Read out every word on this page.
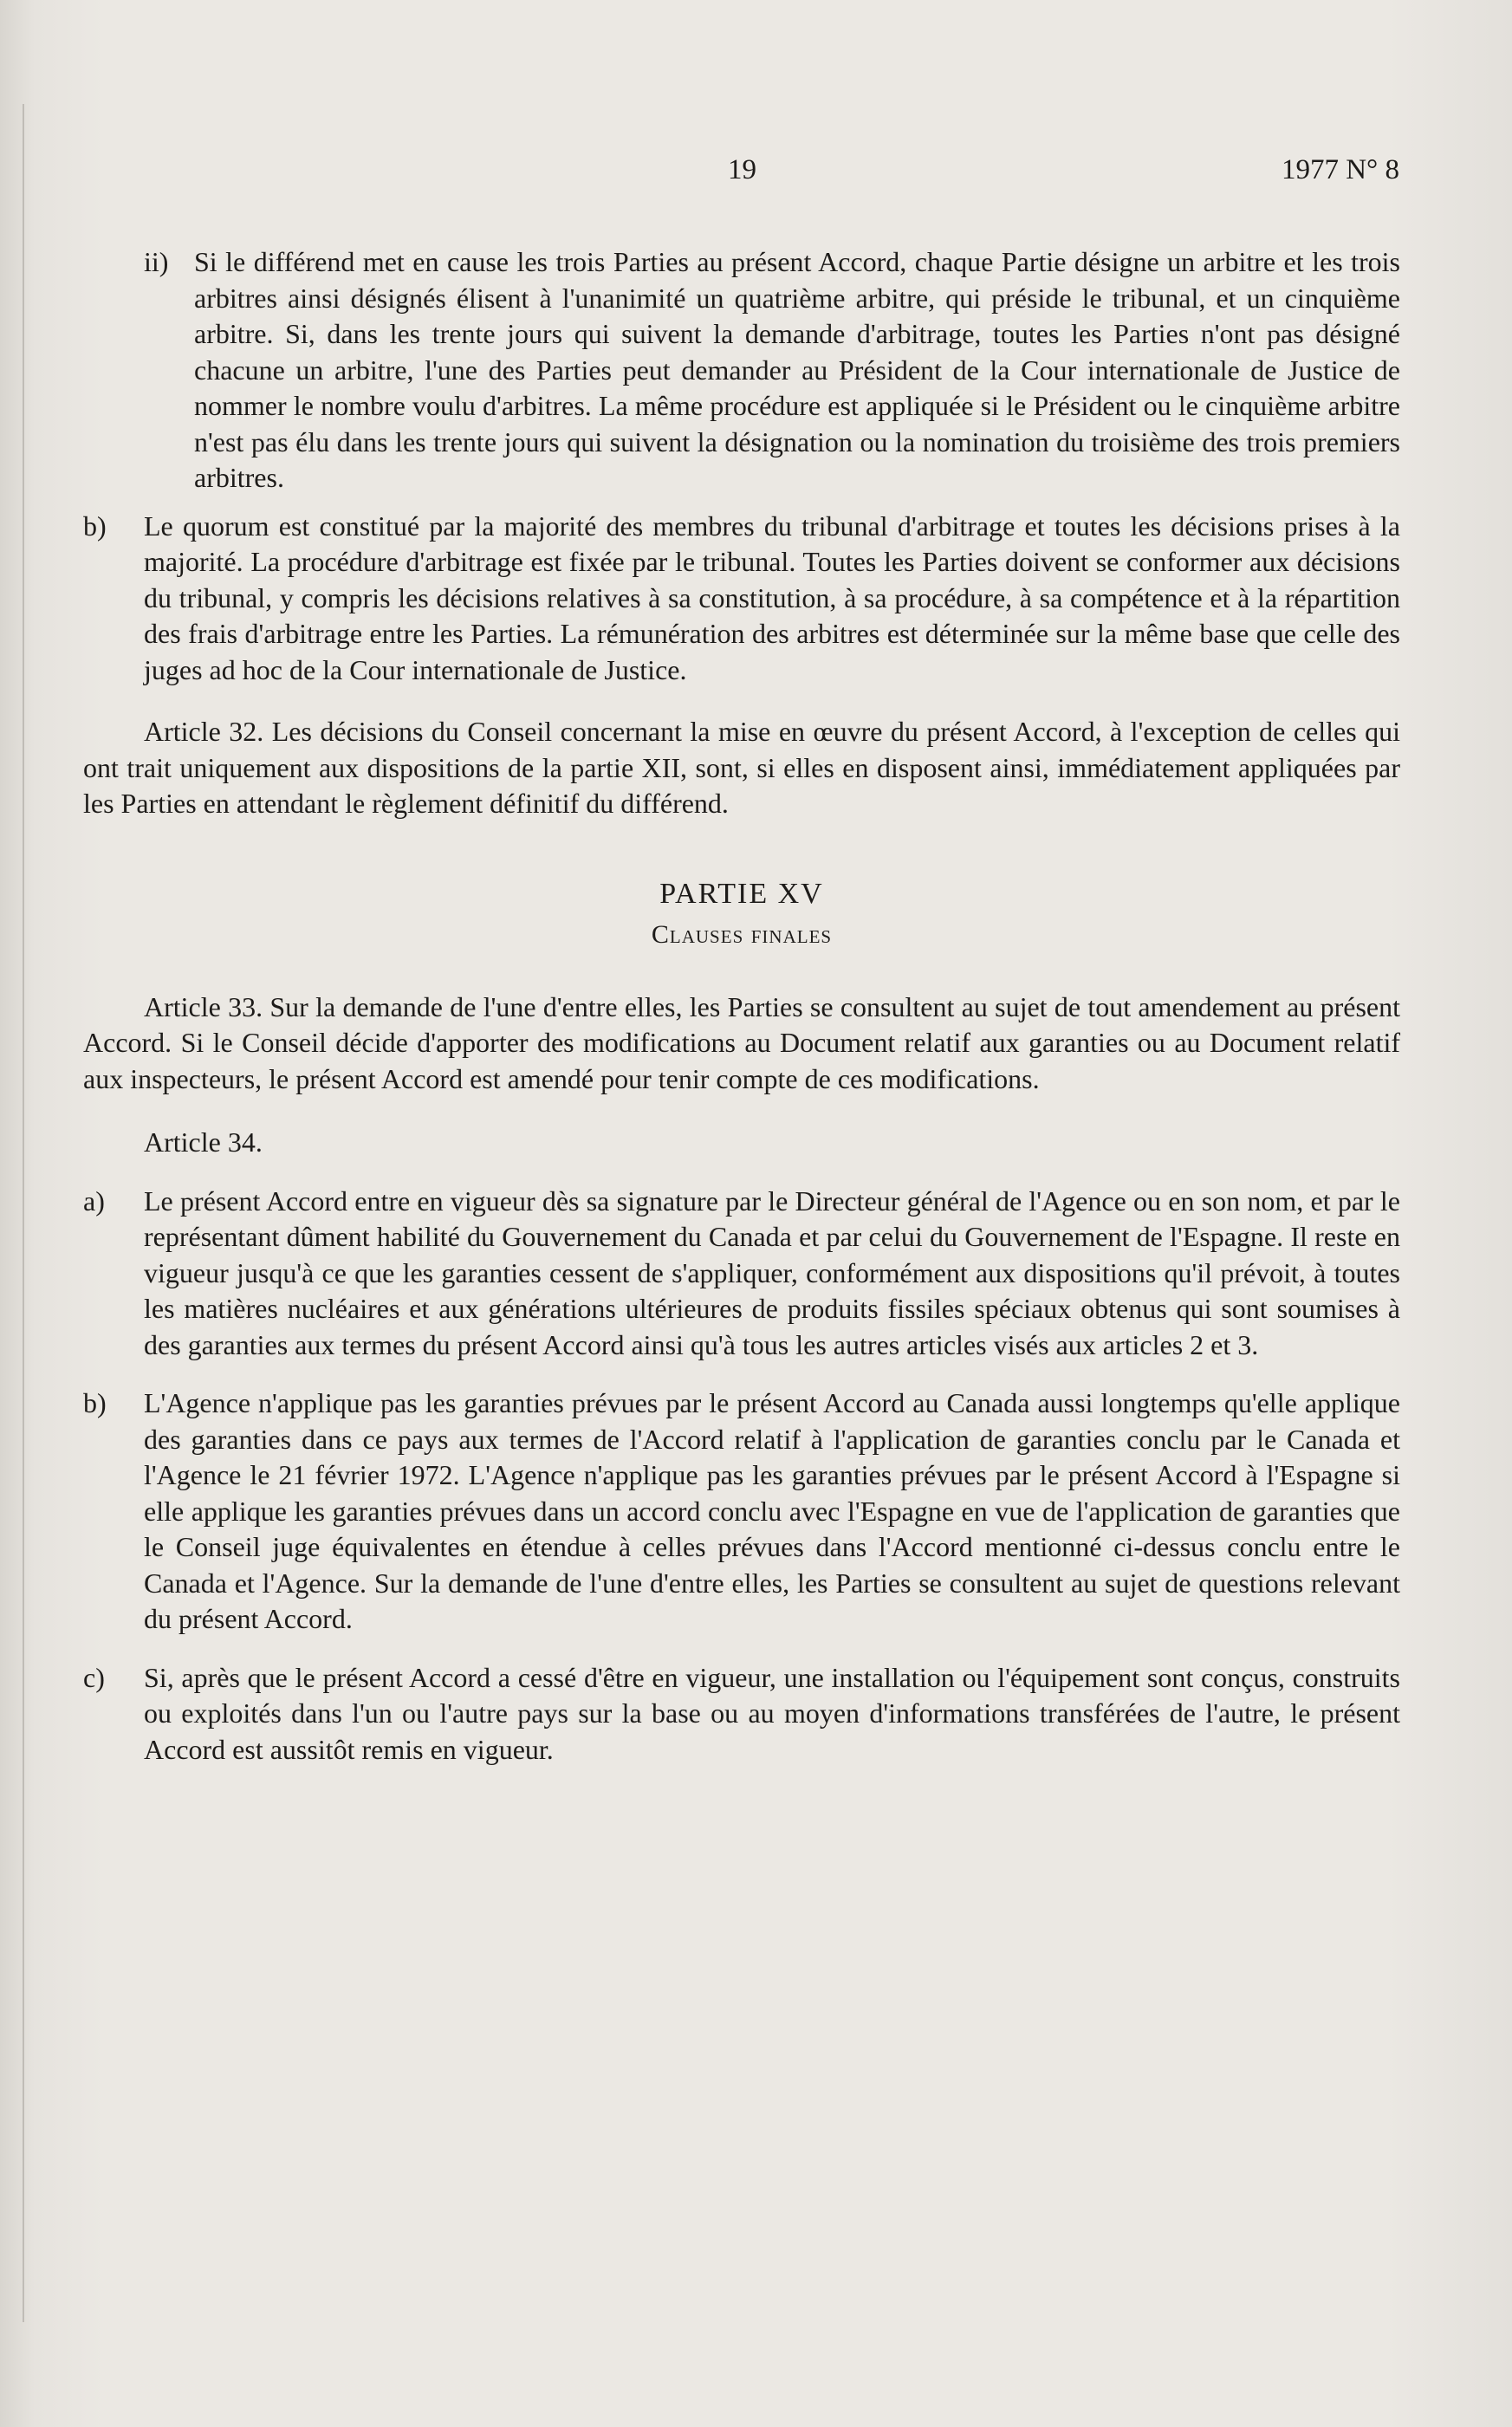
19	1977 N° 8
ii) Si le différend met en cause les trois Parties au présent Accord, chaque Partie désigne un arbitre et les trois arbitres ainsi désignés élisent à l'unanimité un quatrième arbitre, qui préside le tribunal, et un cinquième arbitre. Si, dans les trente jours qui suivent la demande d'arbitrage, toutes les Parties n'ont pas désigné chacune un arbitre, l'une des Parties peut demander au Président de la Cour internationale de Justice de nommer le nombre voulu d'arbitres. La même procédure est appliquée si le Président ou le cinquième arbitre n'est pas élu dans les trente jours qui suivent la désignation ou la nomination du troisième des trois premiers arbitres.
b)	Le quorum est constitué par la majorité des membres du tribunal d'arbitrage et toutes les décisions prises à la majorité. La procédure d'arbitrage est fixée par le tribunal. Toutes les Parties doivent se conformer aux décisions du tribunal, y compris les décisions relatives à sa constitution, à sa procédure, à sa compétence et à la répartition des frais d'arbitrage entre les Parties. La rémunération des arbitres est déterminée sur la même base que celle des juges ad hoc de la Cour internationale de Justice.

Article 32. Les décisions du Conseil concernant la mise en œuvre du présent Accord, à l'exception de celles qui ont trait uniquement aux dispositions de la partie XII, sont, si elles en disposent ainsi, immédiatement appliquées par les Parties en attendant le règlement définitif du différend.

PARTIE XV
Clauses finales

Article 33. Sur la demande de l'une d'entre elles, les Parties se consultent au sujet de tout amendement au présent Accord. Si le Conseil décide d'apporter des modifications au Document relatif aux garanties ou au Document relatif aux inspecteurs, le présent Accord est amendé pour tenir compte de ces modifications.

Article 34.

a)	Le présent Accord entre en vigueur dès sa signature par le Directeur général de l'Agence ou en son nom, et par le représentant dûment habilité du Gouvernement du Canada et par celui du Gouvernement de l'Espagne. Il reste en vigueur jusqu'à ce que les garanties cessent de s'appliquer, conformément aux dispositions qu'il prévoit, à toutes les matières nucléaires et aux générations ultérieures de produits fissiles spéciaux obtenus qui sont soumises à des garanties aux termes du présent Accord ainsi qu'à tous les autres articles visés aux articles 2 et 3.
b)	L'Agence n'applique pas les garanties prévues par le présent Accord au Canada aussi longtemps qu'elle applique des garanties dans ce pays aux termes de l'Accord relatif à l'application de garanties conclu par le Canada et l'Agence le 21 février 1972. L'Agence n'applique pas les garanties prévues par le présent Accord à l'Espagne si elle applique les garanties prévues dans un accord conclu avec l'Espagne en vue de l'application de garanties que le Conseil juge équivalentes en étendue à celles prévues dans l'Accord mentionné ci-dessus conclu entre le Canada et l'Agence. Sur la demande de l'une d'entre elles, les Parties se consultent au sujet de questions relevant du présent Accord.
c)	Si, après que le présent Accord a cessé d'être en vigueur, une installation ou l'équipement sont conçus, construits ou exploités dans l'un ou l'autre pays sur la base ou au moyen d'informations transférées de l'autre, le présent Accord est aussitôt remis en vigueur.
